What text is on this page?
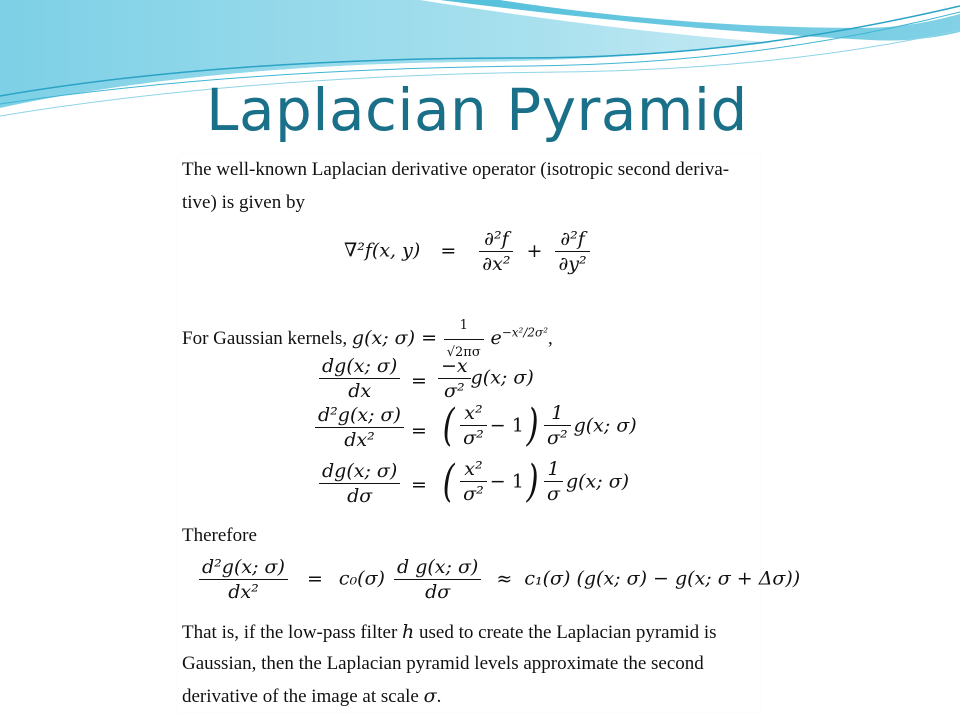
Laplacian Pyramid
The well-known Laplacian derivative operator (isotropic second deriva-
tive) is given by
∇²f(x, $y) = \frac{\text{∂²f}}{\text{∂x²}} + \frac{\text{∂²f}}{\text{∂y²}}$
For Gaussian kernels, g(x; $\sigma) = \frac{1}{√2\pi\sigma} e^{-x^2/2\sigma^2}$,
$\frac{dg(x; \sigma)}{dx} = \frac{-x}{\text{σ²}} g(x$; σ)
$\frac{\text{d²g(x; σ)}}{\text{dx²}}$ = ( $\frac{\text{x²}}{\text{σ²}} - 1) \frac{1}{\text{σ²}} g(x$; σ)
$\frac{dg(x; \sigma)}{d\sigma}$ = ( $\frac{\text{x²}}{\text{σ²}} - 1) \frac{1}{\sigma} g(x$; σ)
Therefore
$\frac{\text{d²g(x; σ)}}{\text{dx²}} = c_0(\sigma) \frac{\text{d g(x; σ)}}{d\sigma} \approx c_1(\sigma)$ (g(x; σ) − g(x; σ + Δσ))
That is, if the low-pass filter h used to create the Laplacian pyramid is
Gaussian, then the Laplacian pyramid levels approximate the second
derivative of the image at scale σ.
